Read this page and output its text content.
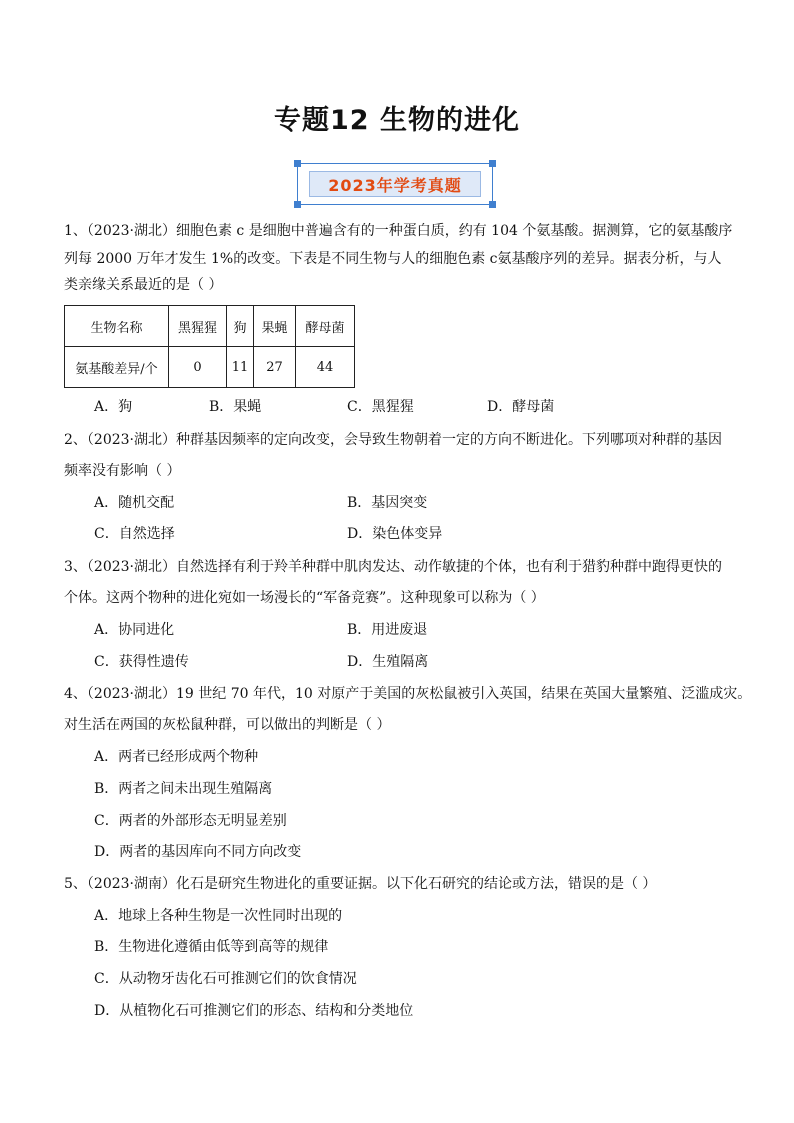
专题12 生物的进化
2023年学考真题
1、（2023·湖北）细胞色素 c 是细胞中普遍含有的一种蛋白质，约有 104 个氨基酸。据测算，它的氨基酸序
列每 2000 万年才发生 1%的改变。下表是不同生物与人的细胞色素 c氨基酸序列的差异。据表分析，与人
类亲缘关系最近的是（ ）
生物名称	黑猩猩	狗	果蝇	酵母菌
氨基酸差异/个	0	11	27	44
A．狗	B．果蝇	C．黑猩猩	D．酵母菌
2、（2023·湖北）种群基因频率的定向改变，会导致生物朝着一定的方向不断进化。下列哪项对种群的基因
频率没有影响（ ）
A．随机交配	B．基因突变
C．自然选择	D．染色体变异
3、（2023·湖北）自然选择有利于羚羊种群中肌肉发达、动作敏捷的个体，也有利于猎豹种群中跑得更快的
个体。这两个物种的进化宛如一场漫长的“军备竞赛”。这种现象可以称为（ ）
A．协同进化	B．用进废退
C．获得性遗传	D．生殖隔离
4、（2023·湖北）19 世纪 70 年代，10 对原产于美国的灰松鼠被引入英国，结果在英国大量繁殖、泛滥成灾。
对生活在两国的灰松鼠种群，可以做出的判断是（ ）
A．两者已经形成两个物种
B．两者之间未出现生殖隔离
C．两者的外部形态无明显差别
D．两者的基因库向不同方向改变
5、（2023·湖南）化石是研究生物进化的重要证据。以下化石研究的结论或方法，错误的是（ ）
A．地球上各种生物是一次性同时出现的
B．生物进化遵循由低等到高等的规律
C．从动物牙齿化石可推测它们的饮食情况
D．从植物化石可推测它们的形态、结构和分类地位
